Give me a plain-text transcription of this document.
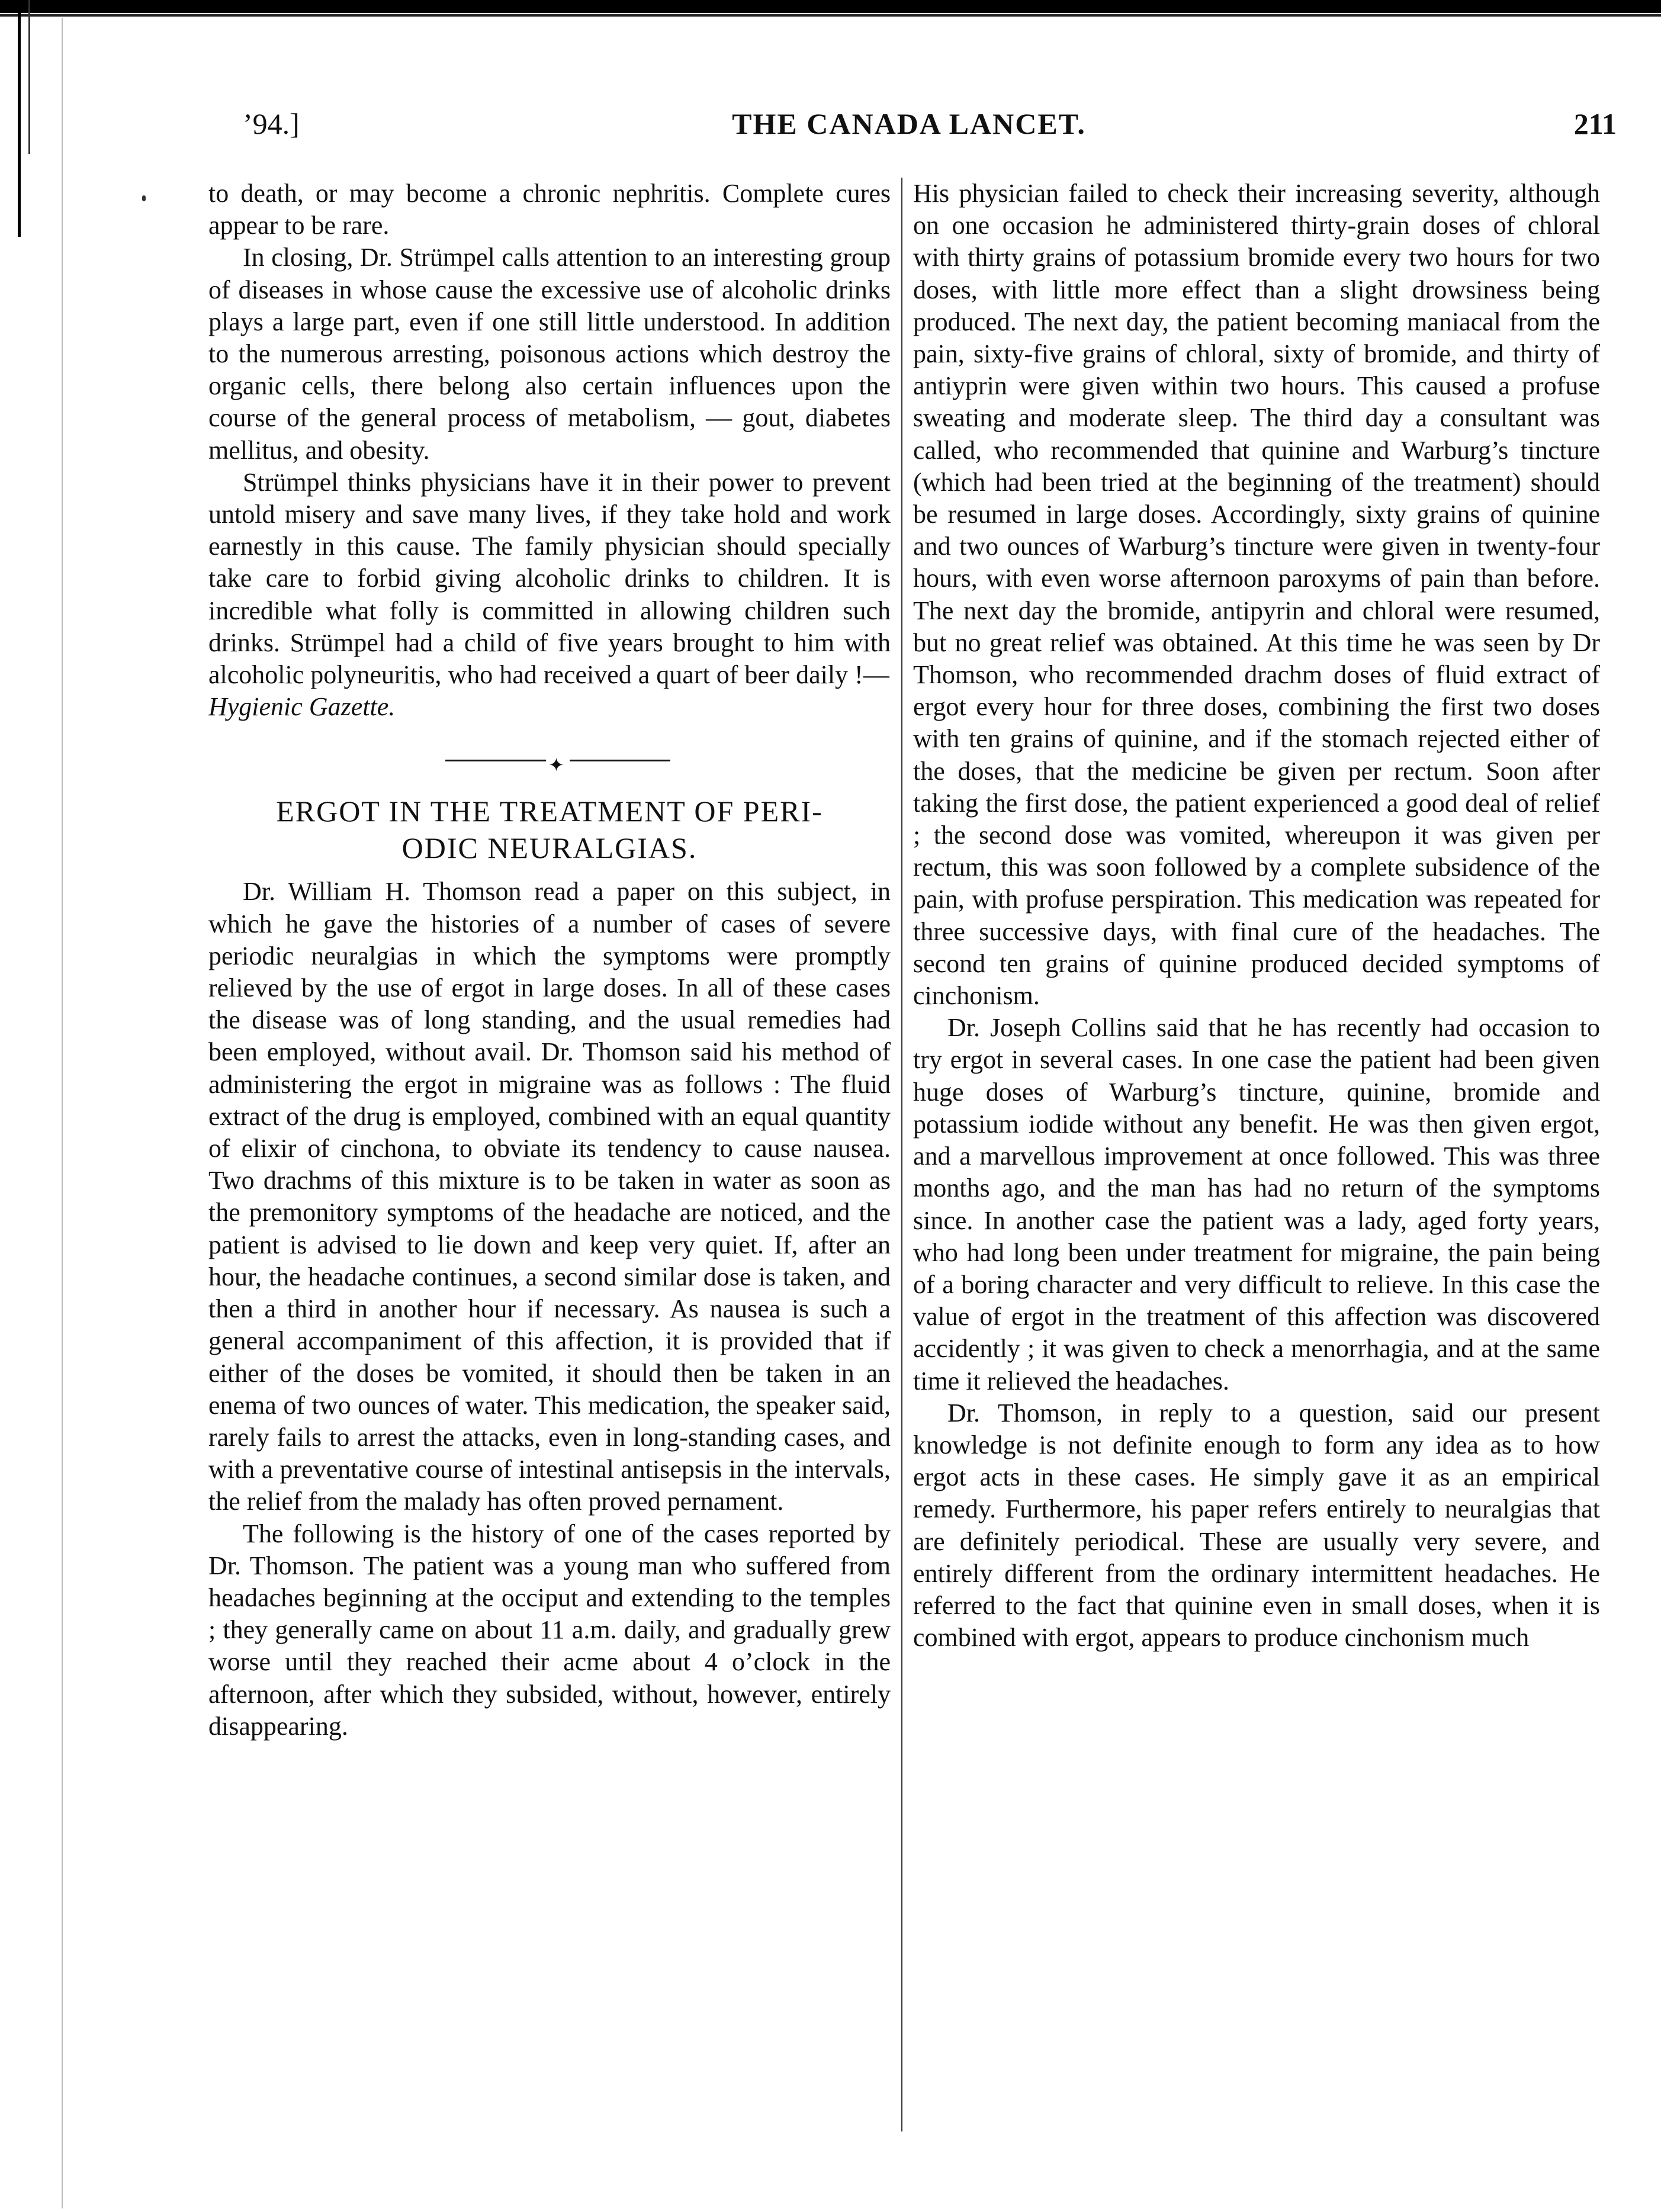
’94.]	THE CANADA LANCET.	211

to death, or may become a chronic nephritis. Complete cures appear to be rare.

In closing, Dr. Strümpel calls attention to an interesting group of diseases in whose cause the excessive use of alcoholic drinks plays a large part, even if one still little understood. In addition to the numerous arresting, poisonous actions which destroy the organic cells, there belong also certain influences upon the course of the general process of metabolism, — gout, diabetes mellitus, and obesity.

Strümpel thinks physicians have it in their power to prevent untold misery and save many lives, if they take hold and work earnestly in this cause. The family physician should specially take care to forbid giving alcoholic drinks to children. It is incredible what folly is committed in allowing children such drinks. Strümpel had a child of five years brought to him with alcoholic polyneuritis, who had received a quart of beer daily !—
Hygienic Gazette.

✦
ERGOT IN THE TREATMENT OF PERI-
ODIC NEURALGIAS.

Dr. William H. Thomson read a paper on this subject, in which he gave the histories of a number of cases of severe periodic neuralgias in which the symptoms were promptly relieved by the use of ergot in large doses. In all of these cases the disease was of long standing, and the usual remedies had been employed, without avail. Dr. Thomson said his method of administering the ergot in migraine was as follows : The fluid extract of the drug is employed, combined with an equal quantity of elixir of cinchona, to obviate its tendency to cause nausea. Two drachms of this mixture is to be taken in water as soon as the premonitory symptoms of the headache are noticed, and the patient is advised to lie down and keep very quiet. If, after an hour, the headache continues, a second similar dose is taken, and then a third in another hour if necessary. As nausea is such a general accompaniment of this affection, it is provided that if either of the doses be vomited, it should then be taken in an enema of two ounces of water. This medication, the speaker said, rarely fails to arrest the attacks, even in long-standing cases, and with a preventative course of intestinal antisepsis in the intervals, the relief from the malady has often proved pernament.

The following is the history of one of the cases reported by Dr. Thomson. The patient was a young man who suffered from headaches beginning at the occiput and extending to the temples ; they generally came on about 11 a.m. daily, and gradually grew worse until they reached their acme about 4 o’clock in the afternoon, after which they subsided, without, however, entirely disappearing.

His physician failed to check their increasing severity, although on one occasion he administered thirty-grain doses of chloral with thirty grains of potassium bromide every two hours for two doses, with little more effect than a slight drowsiness being produced. The next day, the patient becoming maniacal from the pain, sixty-five grains of chloral, sixty of bromide, and thirty of antiyprin were given within two hours. This caused a profuse sweating and moderate sleep. The third day a consultant was called, who recommended that quinine and Warburg’s tincture (which had been tried at the beginning of the treatment) should be resumed in large doses. Accordingly, sixty grains of quinine and two ounces of Warburg’s tincture were given in twenty-four hours, with even worse afternoon paroxyms of pain than before. The next day the bromide, antipyrin and chloral were resumed, but no great relief was obtained. At this time he was seen by Dr Thomson, who recommended drachm doses of fluid extract of ergot every hour for three doses, combining the first two doses with ten grains of quinine, and if the stomach rejected either of the doses, that the medicine be given per rectum. Soon after taking the first dose, the patient experienced a good deal of relief ; the second dose was vomited, whereupon it was given per rectum, this was soon followed by a complete subsidence of the pain, with profuse perspiration. This medication was repeated for three successive days, with final cure of the headaches. The second ten grains of quinine produced decided symptoms of cinchonism.

Dr. Joseph Collins said that he has recently had occasion to try ergot in several cases. In one case the patient had been given huge doses of Warburg’s tincture, quinine, bromide and potassium iodide without any benefit. He was then given ergot, and a marvellous improvement at once followed. This was three months ago, and the man has had no return of the symptoms since. In another case the patient was a lady, aged forty years, who had long been under treatment for migraine, the pain being of a boring character and very difficult to relieve. In this case the value of ergot in the treatment of this affection was discovered accidently ; it was given to check a menorrhagia, and at the same time it relieved the headaches.

Dr. Thomson, in reply to a question, said our present knowledge is not definite enough to form any idea as to how ergot acts in these cases. He simply gave it as an empirical remedy. Furthermore, his paper refers entirely to neuralgias that are definitely periodical. These are usually very severe, and entirely different from the ordinary intermittent headaches. He referred to the fact that quinine even in small doses, when it is combined with ergot, appears to produce cinchonism much
